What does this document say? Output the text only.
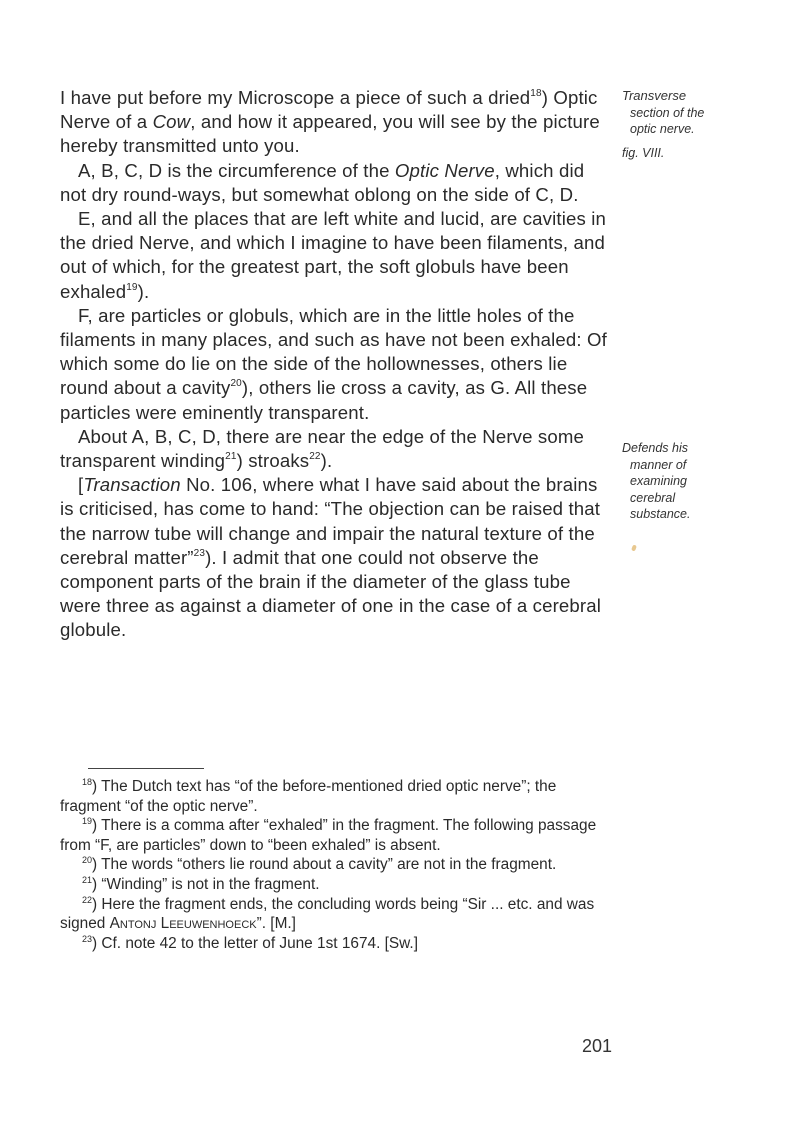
I have put before my Microscope a piece of such a dried$^{18}$) Optic Nerve of a Cow, and how it appeared, you will see by the picture hereby transmitted unto you.

A, B, C, D is the circumference of the Optic Nerve, which did not dry round-ways, but somewhat oblong on the side of C, D.

E, and all the places that are left white and lucid, are cavities in the dried Nerve, and which I imagine to have been filaments, and out of which, for the greatest part, the soft globuls have been exhaled$^{19}$).

F, are particles or globuls, which are in the little holes of the filaments in many places, and such as have not been exhaled: Of which some do lie on the side of the hollownesses, others lie round about a cavity$^{20}$), others lie cross a cavity, as G. All these particles were eminently transparent.

About A, B, C, D, there are near the edge of the Nerve some transparent winding$^{21}$) stroaks$^{22}$).

[Transaction No. 106, where what I have said about the brains is criticised, has come to hand: “The objection can be raised that the narrow tube will change and impair the natural texture of the cerebral matter”$^{23}$). I admit that one could not observe the component parts of the brain if the diameter of the glass tube were three as against a diameter of one in the case of a cerebral globule.

Transverse
section of the
optic nerve.
fig. VIII.
Defends his
manner of
examining
cerebral
substance.

$^{18}$) The Dutch text has “of the before-mentioned dried optic nerve”; the fragment “of the optic nerve”.

$^{19}$) There is a comma after “exhaled” in the fragment. The following passage from “F, are particles” down to “been exhaled” is absent.

$^{20}$) The words “others lie round about a cavity” are not in the fragment.

$^{21}$) “Winding” is not in the fragment.

$^{22}$) Here the fragment ends, the concluding words being “Sir ... etc. and was signed Antonj Leeuwenhoeck”. [M.]

$^{23}$) Cf. note 42 to the letter of June 1st 1674. [Sw.]

201
